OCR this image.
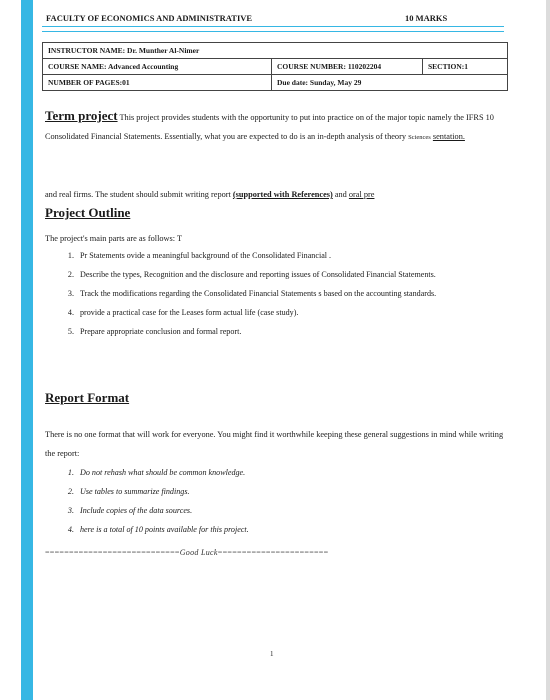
FACULTY OF ECONOMICS AND ADMINISTRATIVE	10 MARKS
INSTRUCTOR NAME: Dr. Munther Al-Nimer		
COURSE NAME: Advanced Accounting	COURSE NUMBER: 110202204	SECTION:1
NUMBER OF PAGES:01	Due date: Sunday, May 29	
Term project This project provides students with the opportunity to put into practice on of the major topic namely the IFRS 10 Consolidated Financial Statements. Essentially, what you are expected to do is an in-depth analysis of theory Sciences sentation.
and real firms. The student should submit writing report (supported with References) and oral pre
Project Outline
The project's main parts are as follows: T
1. Pr Statements ovide a meaningful background of the Consolidated Financial .
2. Describe the types, Recognition and the disclosure and reporting issues of Consolidated Financial Statements.
3. Track the modifications regarding the Consolidated Financial Statements s based on the accounting standards.
4. provide a practical case for the Leases form actual life (case study).
5. Prepare appropriate conclusion and formal report.
Report Format
There is no one format that will work for everyone. You might find it worthwhile keeping these general suggestions in mind while writing the report:
1. Do not rehash what should be common knowledge.
2. Use tables to summarize findings.
3. Include copies of the data sources.
4. here is a total of 10 points available for this project.
============================Good Luck=======================
1
